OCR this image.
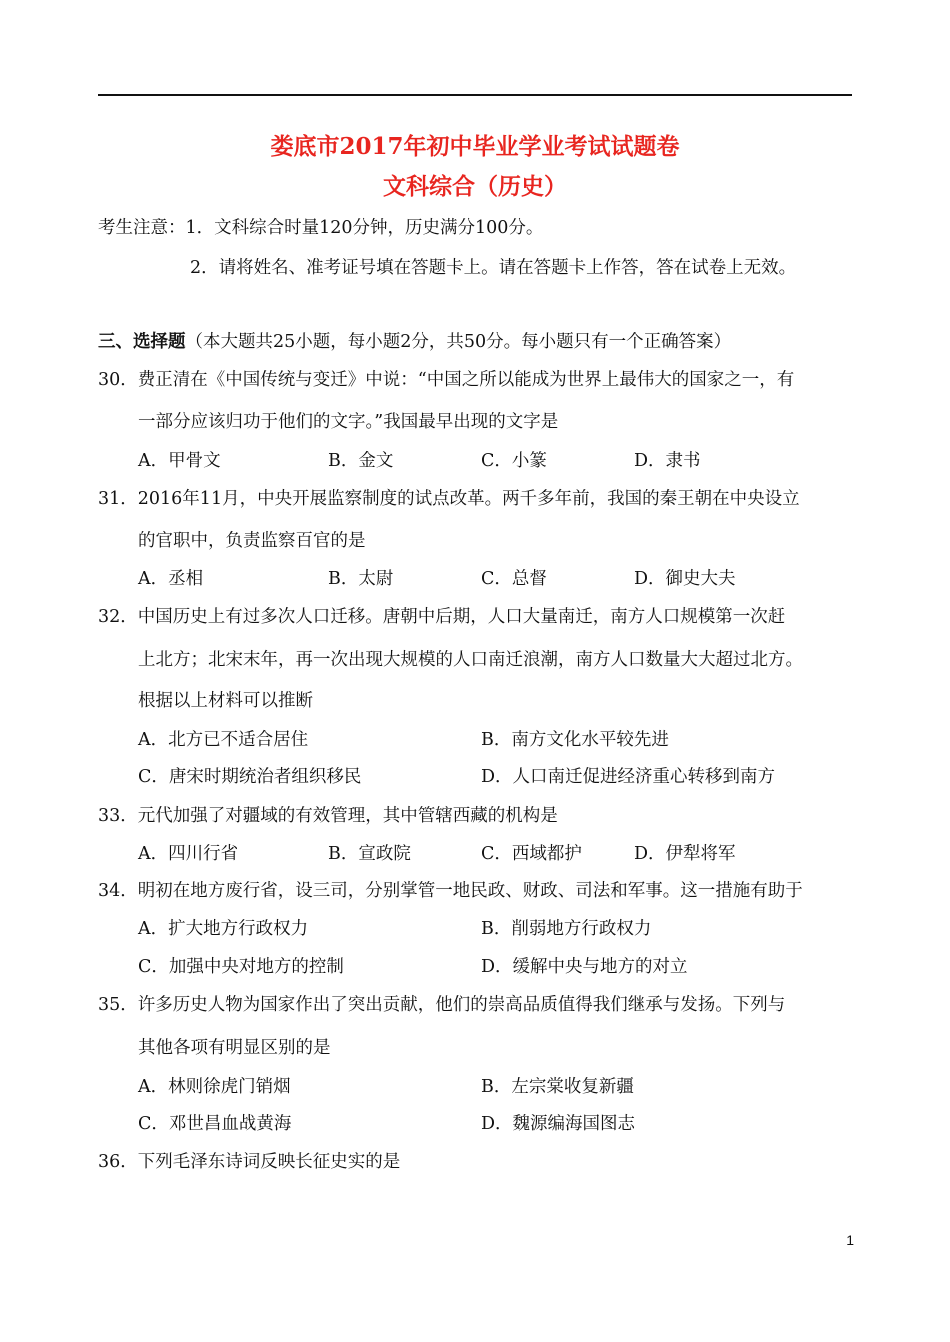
娄底市2017年初中毕业学业考试试题卷
文科综合（历史）
考生注意：1．文科综合时量120分钟，历史满分100分。
2．请将姓名、准考证号填在答题卡上。请在答题卡上作答，答在试卷上无效。
三、选择题（本大题共25小题，每小题2分，共50分。每小题只有一个正确答案）
30．费正清在《中国传统与变迁》中说：“中国之所以能成为世界上最伟大的国家之一，有
一部分应该归功于他们的文字。”我国最早出现的文字是
A．甲骨文	B．金文	C．小篆	D．隶书
31．2016年11月，中央开展监察制度的试点改革。两千多年前，我国的秦王朝在中央设立
的官职中，负责监察百官的是
A．丞相	B．太尉	C．总督	D．御史大夫
32．中国历史上有过多次人口迁移。唐朝中后期，人口大量南迁，南方人口规模第一次赶
上北方；北宋末年，再一次出现大规模的人口南迁浪潮，南方人口数量大大超过北方。
根据以上材料可以推断
A．北方已不适合居住	B．南方文化水平较先进
C．唐宋时期统治者组织移民	D．人口南迁促进经济重心转移到南方
33．元代加强了对疆域的有效管理，其中管辖西藏的机构是
A．四川行省	B．宣政院	C．西域都护	D．伊犁将军
34．明初在地方废行省，设三司，分别掌管一地民政、财政、司法和军事。这一措施有助于
A．扩大地方行政权力	B．削弱地方行政权力
C．加强中央对地方的控制	D．缓解中央与地方的对立
35．许多历史人物为国家作出了突出贡献，他们的崇高品质值得我们继承与发扬。下列与
其他各项有明显区别的是
A．林则徐虎门销烟	B．左宗棠收复新疆
C．邓世昌血战黄海	D．魏源编海国图志
36．下列毛泽东诗词反映长征史实的是
1
